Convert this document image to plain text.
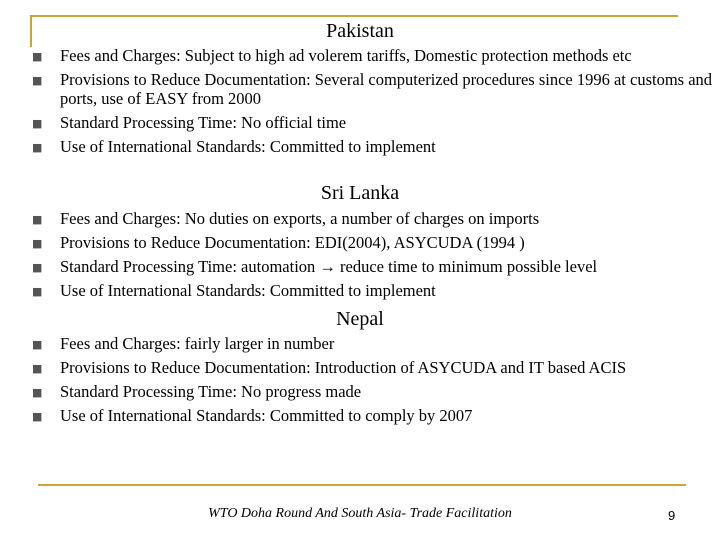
Pakistan
■ Fees and Charges: Subject to high ad volerem tariffs, Domestic protection methods etc
■ Provisions to Reduce Documentation: Several computerized procedures since 1996 at customs and ports, use of EASY from 2000
■ Standard Processing Time: No official time
■ Use of International Standards: Committed to implement
Sri Lanka
■ Fees and Charges: No duties on exports, a number of charges on imports
■ Provisions to Reduce Documentation: EDI(2004), ASYCUDA (1994 )
■ Standard Processing Time: automation → reduce time to minimum possible level
■ Use of International Standards: Committed to implement
Nepal
■ Fees and Charges: fairly larger in number
■ Provisions to Reduce Documentation: Introduction of ASYCUDA and IT based ACIS
■ Standard Processing Time: No progress made
■ Use of International Standards: Committed to comply by 2007
WTO Doha Round And South Asia- Trade Facilitation	9
